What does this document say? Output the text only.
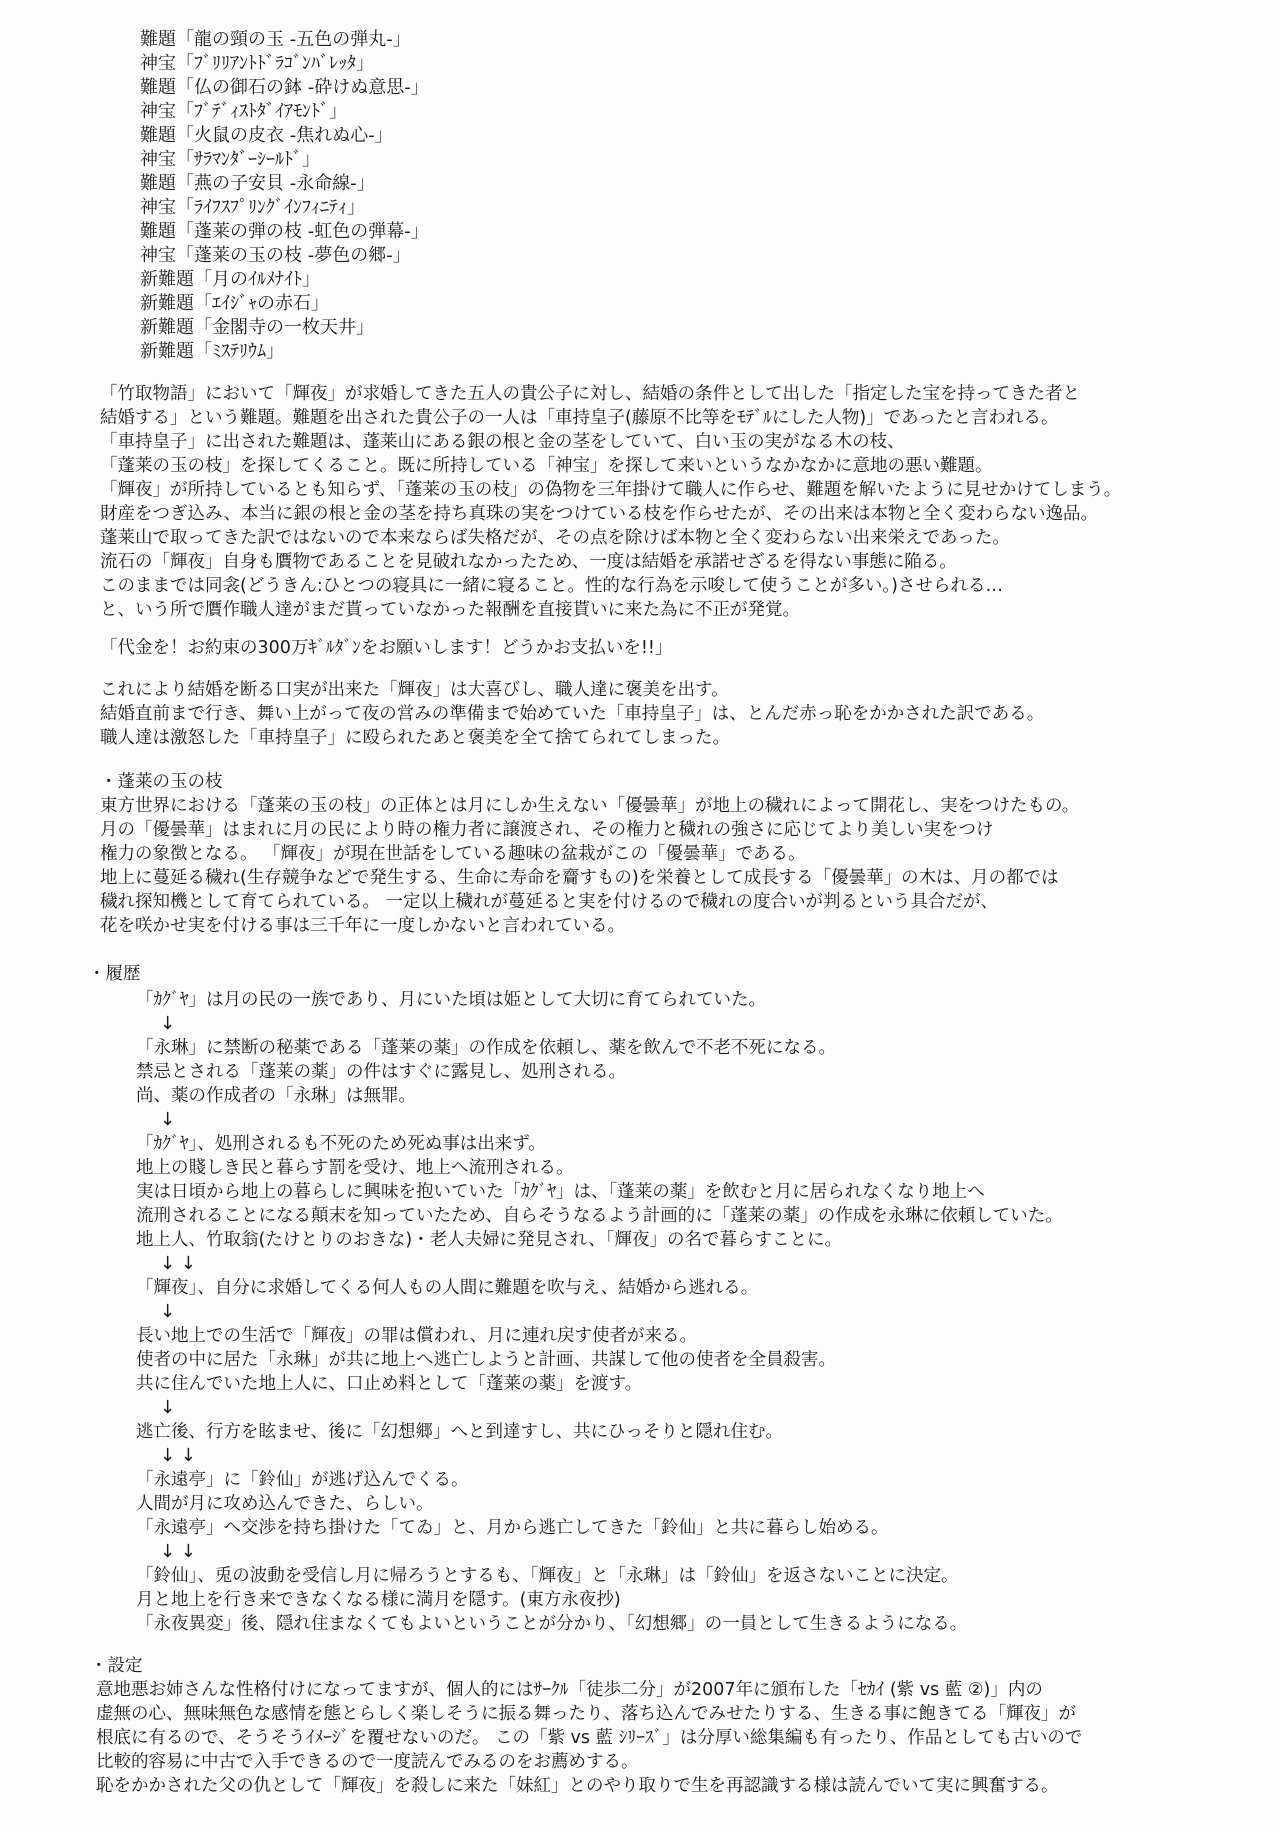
難題「龍の頸の玉 -五色の弾丸-」
神宝「ﾌﾞﾘﾘｱﾝﾄﾄﾞﾗｺﾞﾝﾊﾞﾚｯﾀ」
難題「仏の御石の鉢 -砕けぬ意思-」
神宝「ﾌﾞﾃﾞｨｽﾄﾀﾞｲｱﾓﾝﾄﾞ」
難題「火鼠の皮衣 -焦れぬ心-」
神宝「ｻﾗﾏﾝﾀﾞｰｼｰﾙﾄﾞ」
難題「燕の子安貝 -永命線-」
神宝「ﾗｲﾌｽﾌﾟﾘﾝｸﾞｲﾝﾌｨﾆﾃｨ」
難題「蓬莱の弾の枝 -虹色の弾幕-」
神宝「蓬莱の玉の枝 -夢色の郷-」
新難題「月のｲﾙﾒﾅｲﾄ」
新難題「ｴｲｼﾞｬの赤石」
新難題「金閣寺の一枚天井」
新難題「ﾐｽﾃﾘｳﾑ」
「竹取物語」において「輝夜」が求婚してきた五人の貴公子に対し、結婚の条件として出した「指定した宝を持ってきた者と
結婚する」という難題。難題を出された貴公子の一人は「車持皇子(藤原不比等をﾓﾃﾞﾙにした人物)」であったと言われる。
「車持皇子」に出された難題は、蓬莱山にある銀の根と金の茎をしていて、白い玉の実がなる木の枝、
「蓬莱の玉の枝」を探してくること。既に所持している「神宝」を探して来いというなかなかに意地の悪い難題。
「輝夜」が所持しているとも知らず、「蓬莱の玉の枝」の偽物を三年掛けて職人に作らせ、難題を解いたように見せかけてしまう。
財産をつぎ込み、本当に銀の根と金の茎を持ち真珠の実をつけている枝を作らせたが、その出来は本物と全く変わらない逸品。
蓬莱山で取ってきた訳ではないので本来ならば失格だが、その点を除けば本物と全く変わらない出来栄えであった。
流石の「輝夜」自身も贋物であることを見破れなかったため、一度は結婚を承諾せざるを得ない事態に陥る。
このままでは同衾(どうきん:ひとつの寝具に一緒に寝ること。性的な行為を示唆して使うことが多い。)させられる…
と、いう所で贋作職人達がまだ貰っていなかった報酬を直接貰いに来た為に不正が発覚。
「代金を！お約束の300万ｷﾞﾙﾀﾞﾝをお願いします！どうかお支払いを!!」
これにより結婚を断る口実が出来た「輝夜」は大喜びし、職人達に褒美を出す。
結婚直前まで行き、舞い上がって夜の営みの準備まで始めていた「車持皇子」は、とんだ赤っ恥をかかされた訳である。
職人達は激怒した「車持皇子」に殴られたあと褒美を全て捨てられてしまった。
・蓬莱の玉の枝
東方世界における「蓬莱の玉の枝」の正体とは月にしか生えない「優曇華」が地上の穢れによって開花し、実をつけたもの。
月の「優曇華」はまれに月の民により時の権力者に譲渡され、その権力と穢れの強さに応じてより美しい実をつけ
権力の象徴となる。 「輝夜」が現在世話をしている趣味の盆栽がこの「優曇華」である。
地上に蔓延る穢れ(生存競争などで発生する、生命に寿命を齎すもの)を栄養として成長する「優曇華」の木は、月の都では
穢れ探知機として育てられている。 一定以上穢れが蔓延ると実を付けるので穢れの度合いが判るという具合だが、
花を咲かせ実を付ける事は三千年に一度しかないと言われている。
・履歴
「ｶｸﾞﾔ」は月の民の一族であり、月にいた頃は姫として大切に育てられていた。
↓
「永琳」に禁断の秘薬である「蓬莱の薬」の作成を依頼し、薬を飲んで不老不死になる。
禁忌とされる「蓬莱の薬」の件はすぐに露見し、処刑される。
尚、薬の作成者の「永琳」は無罪。
↓
「ｶｸﾞﾔ」、処刑されるも不死のため死ぬ事は出来ず。
地上の賤しき民と暮らす罰を受け、地上へ流刑される。
実は日頃から地上の暮らしに興味を抱いていた「ｶｸﾞﾔ」は、「蓬莱の薬」を飲むと月に居られなくなり地上へ
流刑されることになる顛末を知っていたため、自らそうなるよう計画的に「蓬莱の薬」の作成を永琳に依頼していた。
地上人、竹取翁(たけとりのおきな)・老人夫婦に発見され、「輝夜」の名で暮らすことに。
↓ ↓
「輝夜」、自分に求婚してくる何人もの人間に難題を吹与え、結婚から逃れる。
↓
長い地上での生活で「輝夜」の罪は償われ、月に連れ戻す使者が来る。
使者の中に居た「永琳」が共に地上へ逃亡しようと計画、共謀して他の使者を全員殺害。
共に住んでいた地上人に、口止め料として「蓬莱の薬」を渡す。
↓
逃亡後、行方を眩ませ、後に「幻想郷」へと到達すし、共にひっそりと隠れ住む。
↓ ↓
「永遠亭」に「鈴仙」が逃げ込んでくる。
人間が月に攻め込んできた、らしい。
「永遠亭」へ交渉を持ち掛けた「てゐ」と、月から逃亡してきた「鈴仙」と共に暮らし始める。
↓ ↓
「鈴仙」、兎の波動を受信し月に帰ろうとするも、「輝夜」と「永琳」は「鈴仙」を返さないことに決定。
月と地上を行き来できなくなる様に満月を隠す。(東方永夜抄)
「永夜異変」後、隠れ住まなくてもよいということが分かり、「幻想郷」の一員として生きるようになる。
・設定
意地悪お姉さんな性格付けになってますが、個人的にはｻｰｸﾙ「徒歩二分」が2007年に頒布した「ｾｶｲ (紫 vs 藍 ②)」内の
虚無の心、無味無色な感情を態とらしく楽しそうに振る舞ったり、落ち込んでみせたりする、生きる事に飽きてる「輝夜」が
根底に有るので、そうそうｲﾒｰｼﾞを覆せないのだ。 この「紫 vs 藍 ｼﾘｰｽﾞ」は分厚い総集編も有ったり、作品としても古いので
比較的容易に中古で入手できるので一度読んでみるのをお薦めする。
恥をかかされた父の仇として「輝夜」を殺しに来た「妹紅」とのやり取りで生を再認識する様は読んでいて実に興奮する。
